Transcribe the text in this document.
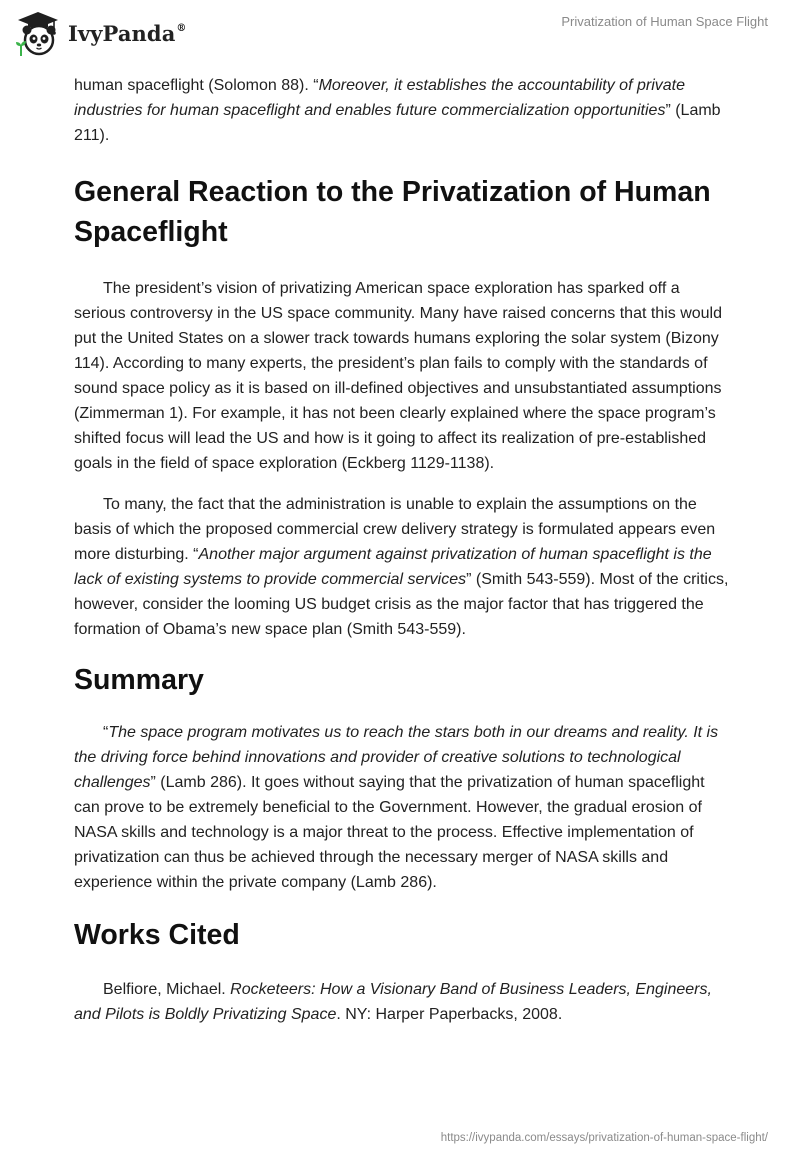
IvyPanda®	Privatization of Human Space Flight

human spaceflight (Solomon 88). “Moreover, it establishes the accountability of private industries for human spaceflight and enables future commercialization opportunities” (Lamb 211).

General Reaction to the Privatization of Human Spaceflight

The president’s vision of privatizing American space exploration has sparked off a serious controversy in the US space community. Many have raised concerns that this would put the United States on a slower track towards humans exploring the solar system (Bizony 114). According to many experts, the president’s plan fails to comply with the standards of sound space policy as it is based on ill-defined objectives and unsubstantiated assumptions (Zimmerman 1). For example, it has not been clearly explained where the space program’s shifted focus will lead the US and how is it going to affect its realization of pre-established goals in the field of space exploration (Eckberg 1129-1138).

To many, the fact that the administration is unable to explain the assumptions on the basis of which the proposed commercial crew delivery strategy is formulated appears even more disturbing. “Another major argument against privatization of human spaceflight is the lack of existing systems to provide commercial services” (Smith 543-559). Most of the critics, however, consider the looming US budget crisis as the major factor that has triggered the formation of Obama’s new space plan (Smith 543-559).

Summary

“The space program motivates us to reach the stars both in our dreams and reality. It is the driving force behind innovations and provider of creative solutions to technological challenges” (Lamb 286). It goes without saying that the privatization of human spaceflight can prove to be extremely beneficial to the Government. However, the gradual erosion of NASA skills and technology is a major threat to the process. Effective implementation of privatization can thus be achieved through the necessary merger of NASA skills and experience within the private company (Lamb 286).

Works Cited

Belfiore, Michael. Rocketeers: How a Visionary Band of Business Leaders, Engineers, and Pilots is Boldly Privatizing Space. NY: Harper Paperbacks, 2008.

https://ivypanda.com/essays/privatization-of-human-space-flight/
